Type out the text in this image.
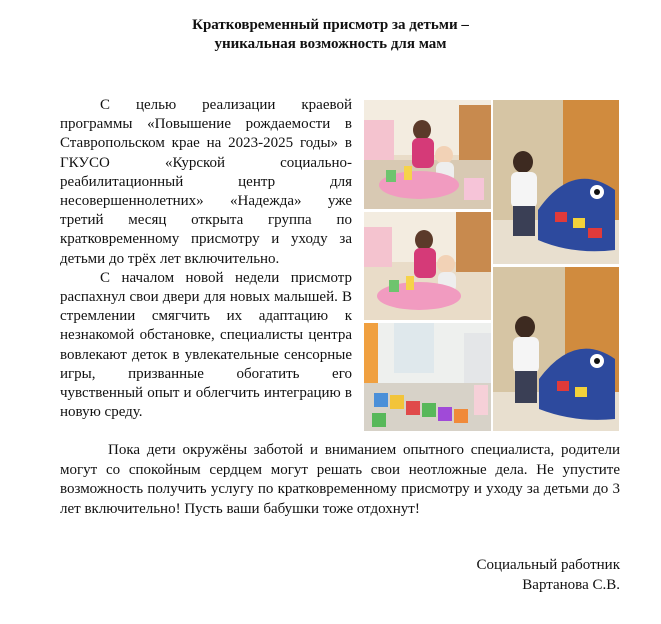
Кратковременный присмотр за детьми –
уникальная возможность для мам

С целью реализации краевой программы «Повышение рождаемости в Ставропольском крае на 2023-2025 годы» в ГКУСО «Курской социально-реабилитационный центр для несовершеннолетних» «Надежда» уже третий месяц открыта группа по кратковременному присмотру и уходу за детьми до трёх лет включительно.

С началом новой недели присмотр распахнул свои двери для новых малышей. В стремлении смягчить их адаптацию к незнакомой обстановке, специалисты центра вовлекают деток в увлекательные сенсорные игры, призванные обогатить его чувственный опыт и облегчить интеграцию в новую среду.

Пока дети окружёны заботой и вниманием опытного специалиста, родители могут со спокойным сердцем могут решать свои неотложные дела. Не упустите возможность получить услугу по кратковременному присмотру и уходу за детьми до 3 лет включительно! Пусть ваши бабушки тоже отдохнут!

Социальный работник
Вартанова С.В.
